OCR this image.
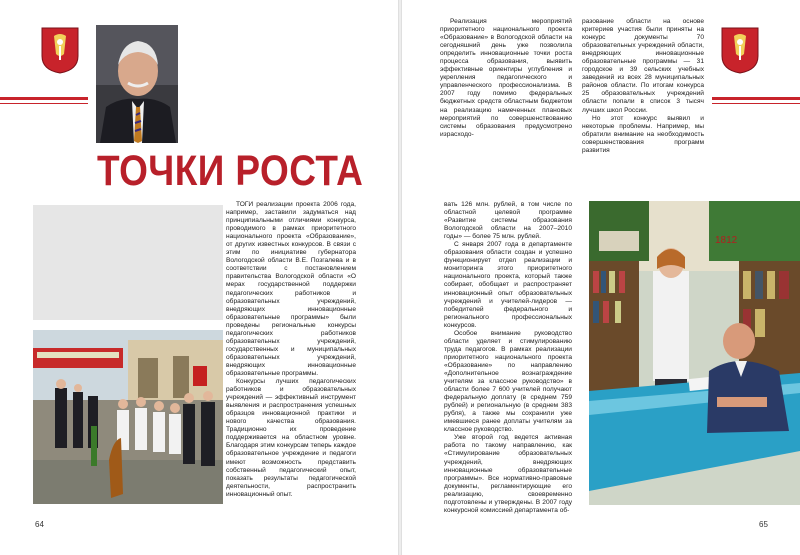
ТОЧКИ РОСТА

ТОГИ реализации проекта 2006 года, например, заставили задуматься над принципиальными отличиями конкурса, проводимого в рамках приоритетного национального проекта «Образование», от других известных конкурсов. В связи с этим по инициативе губернатора Вологодской области В.Е. Позгалева и в соответствии с постановлением правительства Вологодской области «О мерах государственной поддержки педагогических работников и образовательных учреждений, внедряющих инновационные образовательные программы» были проведены региональные конкурсы педагогических работников образовательных учреждений, государственных и муниципальных образовательных учреждений, внедряющих инновационные образовательные программы.

Конкурсы лучших педагогических работников и образовательных учреждений — эффективный инструмент выявления и распространения успешных образцов инновационной практики и нового качества образования. Традиционно их проведение поддерживается на областном уровне. Благодаря этим конкурсам теперь каждое образовательное учреждение и педагоги имеют возможность представить собственный педагогический опыт, показать результаты педагогической деятельности, распространить инновационный опыт.

64

Реализация мероприятий приоритетного национального проекта «Образование» в Вологодской области на сегодняшний день уже позволила определить инновационные точки роста процесса образования, выявить эффективные ориентиры углубления и укрепления педагогического и управленческого профессионализма. В 2007 году помимо федеральных бюджетных средств областным бюджетом на реализацию намеченных плановых мероприятий по совершенствованию системы образования предусмотрено израсходо-

разование области на основе критериев участия были приняты на конкурс документы 70 образовательных учреждений области, внедряющих инновационные образовательные программы — 31 городское и 39 сельских учебных заведений из всех 28 муниципальных районов области. По итогам конкурса 25 образовательных учреждений области попали в список 3 тысяч лучших школ России.

Но этот конкурс выявил и некоторые проблемы. Например, мы обратили внимание на необходимость совершенствования программ развития

1812
65

вать 126 млн. рублей, в том числе по областной целевой программе «Развитие системы образования Вологодской области на 2007–2010 годы» — более 75 млн. рублей.

С января 2007 года в департаменте образования области создан и успешно функционирует отдел реализации и мониторинга этого приоритетного национального проекта, который также собирает, обобщает и распространяет инновационный опыт образовательных учреждений и учителей-лидеров — победителей федерального и регионального профессиональных конкурсов.

Особое внимание руководство области уделяет и стимулированию труда педагогов. В рамках реализации приоритетного национального проекта «Образование» по направлению «Дополнительное вознаграждение учителям за классное руководство» в области более 7 600 учителей получают федеральную доплату (в среднем 759 рублей) и региональную (в среднем 383 рубля), а также мы сохранили уже имевшиеся ранее доплаты учителям за классное руководство.

Уже второй год ведется активная работа по такому направлению, как «Стимулирование образовательных учреждений, внедряющих инновационные образовательные программы». Все нормативно-правовые документы, регламентирующие его реализацию, своевременно подготовлены и утверждены. В 2007 году конкурсной комиссией департамента об-
